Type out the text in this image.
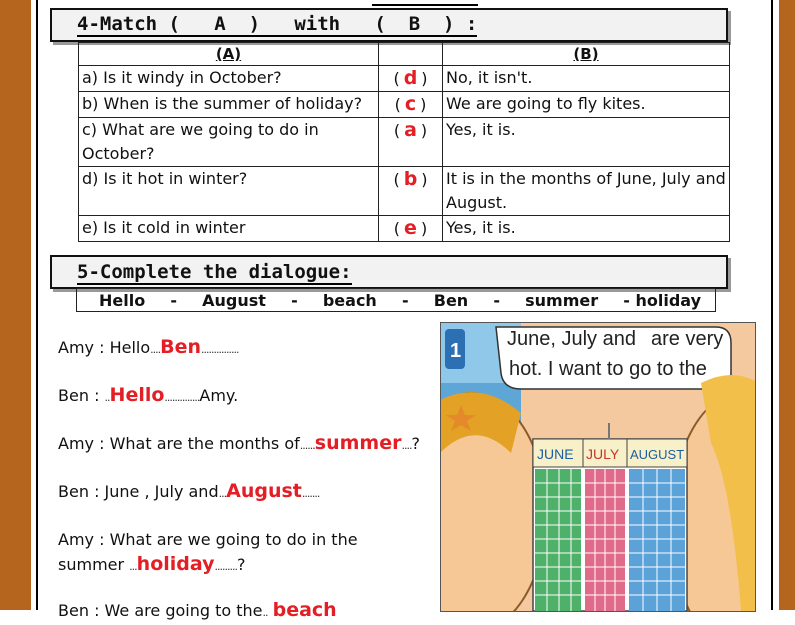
4-Match (   A  )   with   (  B  ) :
(A)		(B)
a) Is it windy in October?	( d )	No, it isn't.
b) When is the summer of holiday?	( c )	We are going to fly kites.
c) What are we going to do in October?	( a )	Yes, it is.
d) Is it hot in winter?	( b )	It is in the months of June, July and August.
e) Is it cold in winter	( e )	Yes, it is.
5-Complete the dialogue:
Hello - August - beach - Ben - summer - holiday
Amy : Hello....Ben...............
Ben : ..Hello..............Amy.
Amy : What are the months of......summer....?
Ben : June , July and...August.......
Amy : What are we going to do in the
summer ...holiday.........?
Ben : We are going to the.. beach
1
June, July and are very
hot. I want to go to the
JUNE JULY AUGUST
